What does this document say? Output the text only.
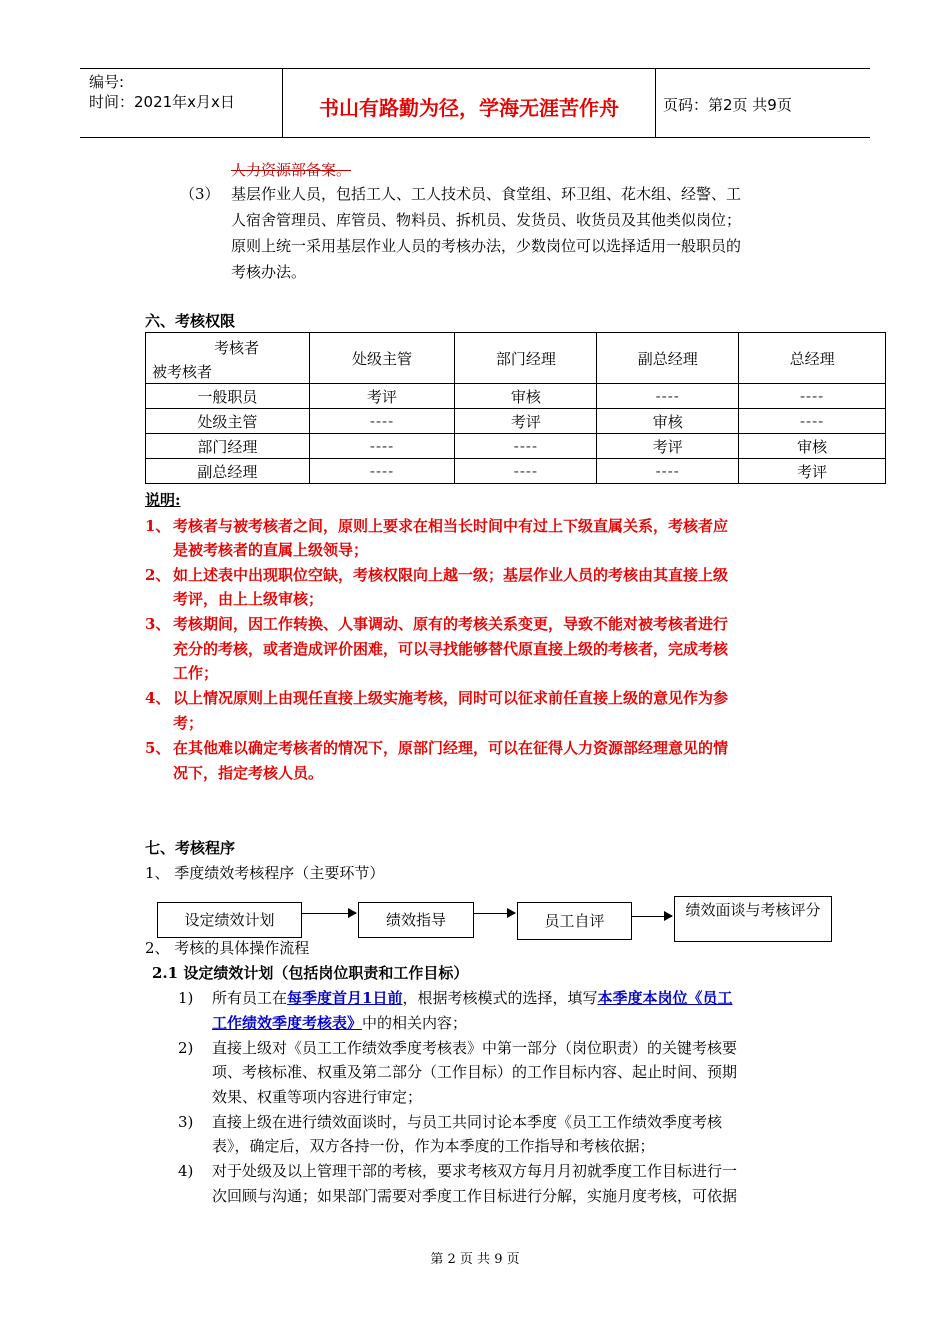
编号:
时间：2021年x月x日	书山有路勤为径，学海无涯苦作舟	页码：第2页 共9页
人力资源部备案。
（3） 基层作业人员，包括工人、工人技术员、食堂组、环卫组、花木组、经警、工
人宿舍管理员、库管员、物料员、拆机员、发货员、收货员及其他类似岗位；
原则上统一采用基层作业人员的考核办法，少数岗位可以选择适用一般职员的
考核办法。
六、考核权限
考核者
被考核者	处级主管	部门经理	副总经理	总经理
一般职员	考评	审核	----	----
处级主管	----	考评	审核	----
部门经理	----	----	考评	审核
副总经理	----	----	----	考评
说明:
1、 考核者与被考核者之间，原则上要求在相当长时间中有过上下级直属关系，考核者应
是被考核者的直属上级领导；
2、 如上述表中出现职位空缺，考核权限向上越一级；基层作业人员的考核由其直接上级
考评，由上上级审核；
3、 考核期间，因工作转换、人事调动、原有的考核关系变更，导致不能对被考核者进行
充分的考核，或者造成评价困难，可以寻找能够替代原直接上级的考核者，完成考核
工作；
4、 以上情况原则上由现任直接上级实施考核，同时可以征求前任直接上级的意见作为参
考；
5、 在其他难以确定考核者的情况下，原部门经理，可以在征得人力资源部经理意见的情
况下，指定考核人员。
七、考核程序
1、 季度绩效考核程序（主要环节）
设定绩效计划	绩效指导	员工自评
绩效面谈与考核评分
2、 考核的具体操作流程
2.1 设定绩效计划（包括岗位职责和工作目标）
1) 所有员工在每季度首月1日前，根据考核模式的选择，填写本季度本岗位《员工
工作绩效季度考核表》中的相关内容；
2) 直接上级对《员工工作绩效季度考核表》中第一部分（岗位职责）的关键考核要
项、考核标准、权重及第二部分（工作目标）的工作目标内容、起止时间、预期
效果、权重等项内容进行审定；
3) 直接上级在进行绩效面谈时，与员工共同讨论本季度《员工工作绩效季度考核
表》，确定后，双方各持一份，作为本季度的工作指导和考核依据；
4) 对于处级及以上管理干部的考核，要求考核双方每月月初就季度工作目标进行一
次回顾与沟通；如果部门需要对季度工作目标进行分解，实施月度考核，可依据
第 2 页 共 9 页
